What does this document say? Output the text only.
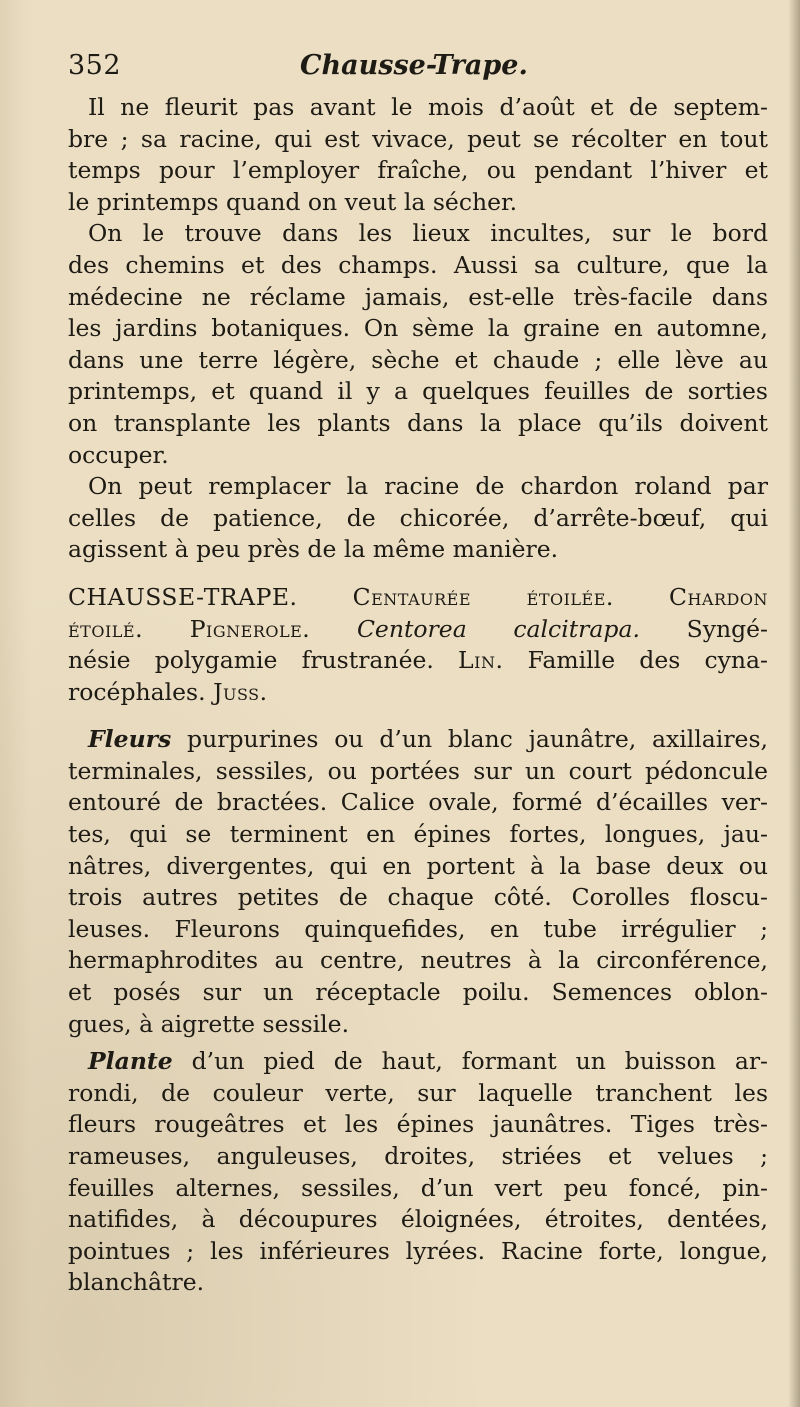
352	Chausse-Trape.
Il ne fleurit pas avant le mois d’août et de septem-
bre ; sa racine, qui est vivace, peut se récolter en tout
temps pour l’employer fraîche, ou pendant l’hiver et
le printemps quand on veut la sécher.
On le trouve dans les lieux incultes, sur le bord
des chemins et des champs. Aussi sa culture, que la
médecine ne réclame jamais, est-elle très-facile dans
les jardins botaniques. On sème la graine en automne,
dans une terre légère, sèche et chaude ; elle lève au
printemps, et quand il y a quelques feuilles de sorties
on transplante les plants dans la place qu’ils doivent
occuper.
On peut remplacer la racine de chardon roland par
celles de patience, de chicorée, d’arrête-bœuf, qui
agissent à peu près de la même manière.
CHAUSSE-TRAPE. Centaurée étoilée. Chardon
étoilé. Pignerole. Centorea calcitrapa. Syngé-
nésie polygamie frustranée. Lin. Famille des cyna-
rocéphales. Juss.
Fleurs purpurines ou d’un blanc jaunâtre, axillaires,
terminales, sessiles, ou portées sur un court pédoncule
entouré de bractées. Calice ovale, formé d’écailles ver-
tes, qui se terminent en épines fortes, longues, jau-
nâtres, divergentes, qui en portent à la base deux ou
trois autres petites de chaque côté. Corolles floscu-
leuses. Fleurons quinquefides, en tube irrégulier ;
hermaphrodites au centre, neutres à la circonférence,
et posés sur un réceptacle poilu. Semences oblon-
gues, à aigrette sessile.
Plante d’un pied de haut, formant un buisson ar-
rondi, de couleur verte, sur laquelle tranchent les
fleurs rougeâtres et les épines jaunâtres. Tiges très-
rameuses, anguleuses, droites, striées et velues ;
feuilles alternes, sessiles, d’un vert peu foncé, pin-
natifides, à découpures éloignées, étroites, dentées,
pointues ; les inférieures lyrées. Racine forte, longue,
blanchâtre.
